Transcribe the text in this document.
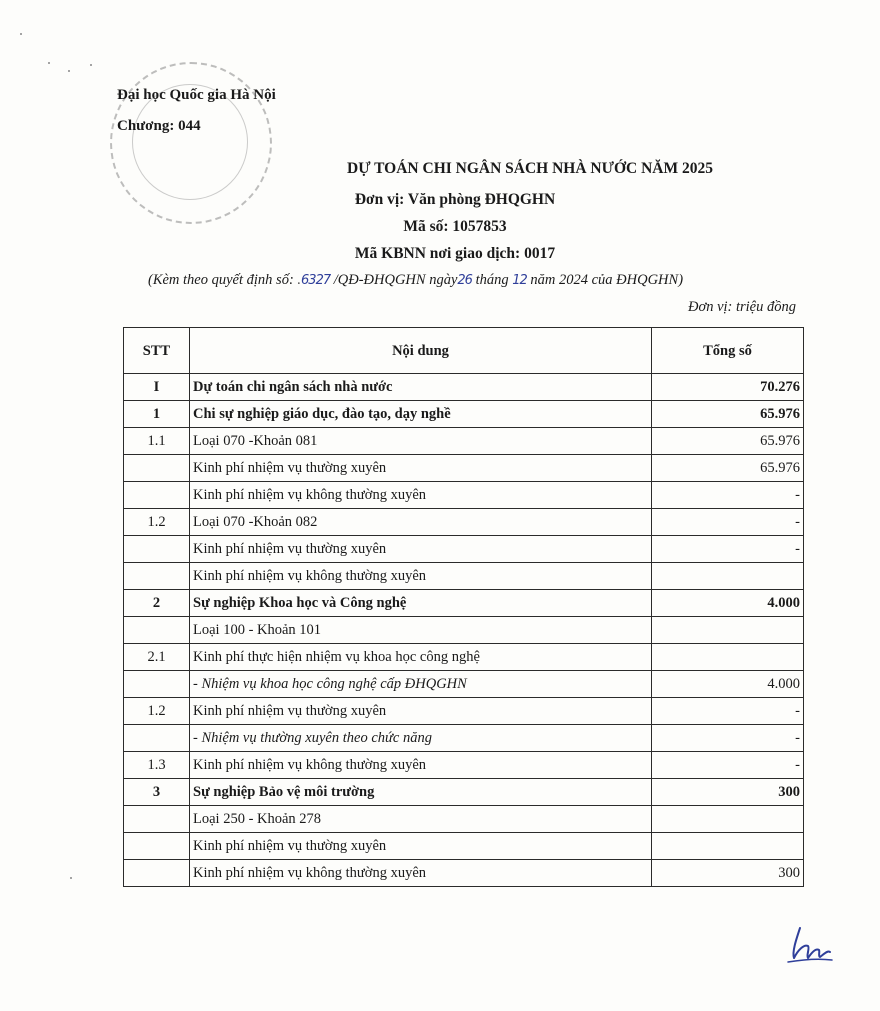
Đại học Quốc gia Hà Nội
Chương: 044
DỰ TOÁN CHI NGÂN SÁCH NHÀ NƯỚC NĂM 2025
Đơn vị: Văn phòng ĐHQGHN
Mã số: 1057853
Mã KBNN nơi giao dịch: 0017
(Kèm theo quyết định số: .6327 /QĐ-ĐHQGHN ngày26 tháng 12 năm 2024 của ĐHQGHN)
Đơn vị: triệu đồng
STT	Nội dung	Tổng số
I	Dự toán chi ngân sách nhà nước	70.276
1	Chi sự nghiệp giáo dục, đào tạo, dạy nghề	65.976
1.1	Loại 070 -Khoản 081	65.976
	Kinh phí nhiệm vụ thường xuyên	65.976
	Kinh phí nhiệm vụ không thường xuyên	-
1.2	Loại 070 -Khoản 082	-
	Kinh phí nhiệm vụ thường xuyên	-
	Kinh phí nhiệm vụ không thường xuyên	
2	Sự nghiệp Khoa học và Công nghệ	4.000
	Loại 100 - Khoản 101	
2.1	Kinh phí thực hiện nhiệm vụ khoa học công nghệ	
	- Nhiệm vụ khoa học công nghệ cấp ĐHQGHN	4.000
1.2	Kinh phí nhiệm vụ thường xuyên	-
	- Nhiệm vụ thường xuyên theo chức năng	-
1.3	Kinh phí nhiệm vụ không thường xuyên	-
3	Sự nghiệp Bảo vệ môi trường	300
	Loại 250 - Khoản 278	
	Kinh phí nhiệm vụ thường xuyên	
	Kinh phí nhiệm vụ không thường xuyên	300
